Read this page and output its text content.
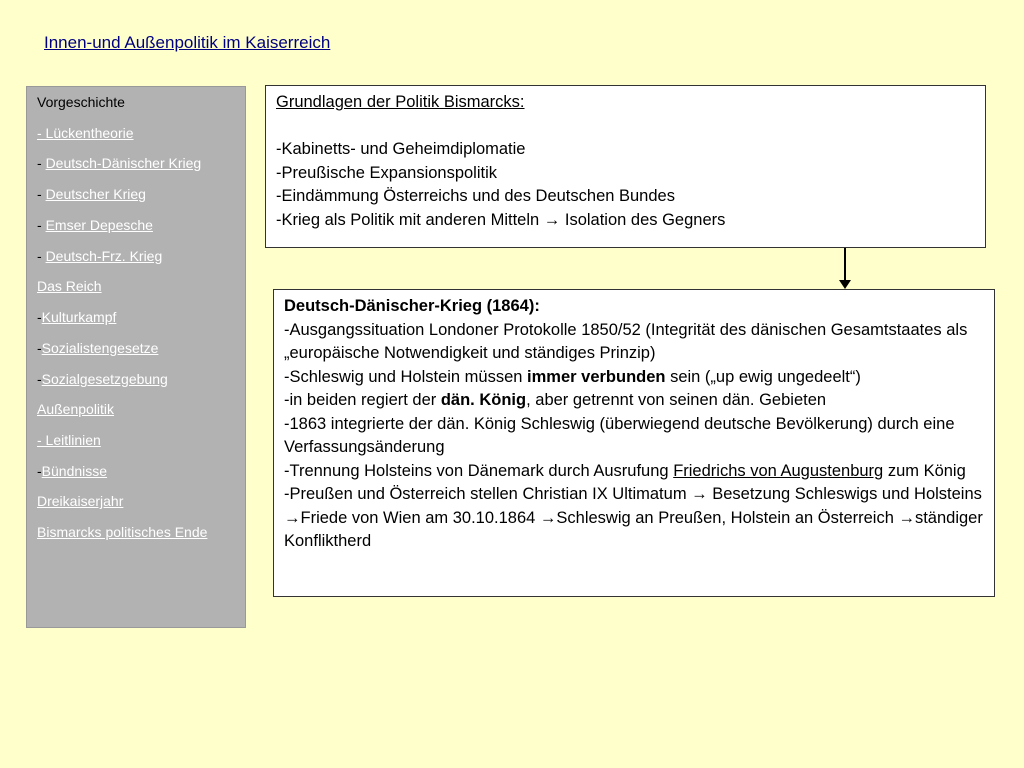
Innen-und Außenpolitik im Kaiserreich
Vorgeschichte
- Lückentheorie
- Deutsch-Dänischer Krieg
- Deutscher Krieg
- Emser Depesche
- Deutsch-Frz. Krieg
Das Reich
-Kulturkampf
-Sozialistengesetze
-Sozialgesetzgebung
Außenpolitik
- Leitlinien
-Bündnisse
Dreikaiserjahr
Bismarcks politisches Ende

Grundlagen der Politik Bismarcks:

-Kabinetts- und Geheimdiplomatie

-Preußische Expansionspolitik

-Eindämmung Österreichs und des Deutschen Bundes

-Krieg als Politik mit anderen Mitteln → Isolation des Gegners

Deutsch-Dänischer-Krieg (1864):

-Ausgangssituation Londoner Protokolle 1850/52 (Integrität des dänischen Gesamtstaates als „europäische Notwendigkeit und ständiges Prinzip)

-Schleswig und Holstein müssen immer verbunden sein („up ewig ungedeelt“)

-in beiden regiert der dän. König, aber getrennt von seinen dän. Gebieten

-1863 integrierte der dän. König Schleswig (überwiegend deutsche Bevölkerung) durch eine Verfassungsänderung

-Trennung Holsteins von Dänemark durch Ausrufung Friedrichs von Augustenburg zum König

-Preußen und Österreich stellen Christian IX Ultimatum → Besetzung Schleswigs und Holsteins →Friede von Wien am 30.10.1864 →Schleswig an Preußen, Holstein an Österreich →ständiger Konfliktherd
